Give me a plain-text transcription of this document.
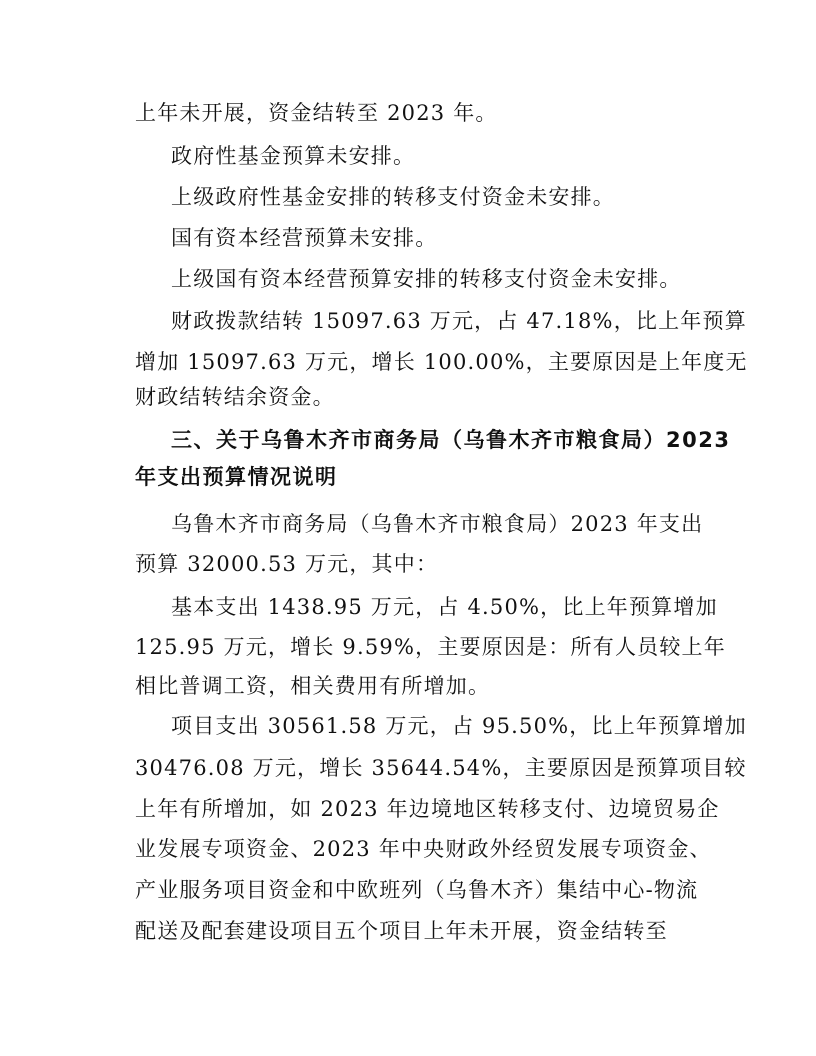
上年未开展，资金结转至 2023 年。
政府性基金预算未安排。
上级政府性基金安排的转移支付资金未安排。
国有资本经营预算未安排。
上级国有资本经营预算安排的转移支付资金未安排。
财政拨款结转 15097.63 万元，占 47.18%，比上年预算
增加 15097.63 万元，增长 100.00%，主要原因是上年度无
财政结转结余资金。
三、关于乌鲁木齐市商务局（乌鲁木齐市粮食局）2023
年支出预算情况说明
乌鲁木齐市商务局（乌鲁木齐市粮食局）2023 年支出
预算 32000.53 万元，其中：
基本支出 1438.95 万元，占 4.50%，比上年预算增加
125.95 万元，增长 9.59%，主要原因是：所有人员较上年
相比普调工资，相关费用有所增加。
项目支出 30561.58 万元，占 95.50%，比上年预算增加
30476.08 万元，增长 35644.54%，主要原因是预算项目较
上年有所增加，如 2023 年边境地区转移支付、边境贸易企
业发展专项资金、2023 年中央财政外经贸发展专项资金、
产业服务项目资金和中欧班列（乌鲁木齐）集结中心-物流
配送及配套建设项目五个项目上年未开展，资金结转至
